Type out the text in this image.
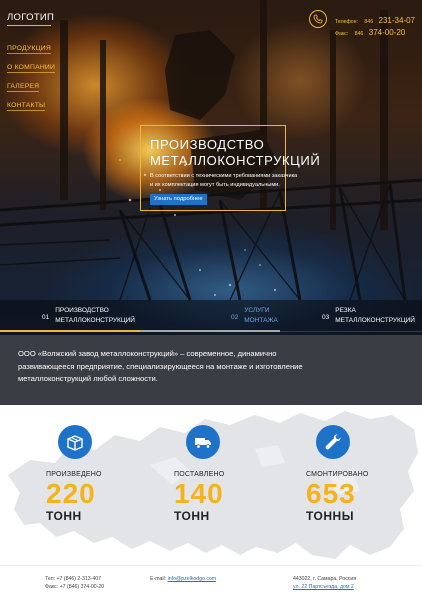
ЛОГОТИП
ПРОДУКЦИЯ
О КОМПАНИИ
ГАЛЕРЕЯ
КОНТАКТЫ
Телефон: 846 231-34-07
Факс: 846 374-00-20
ПРОИЗВОДСТВО
МЕТАЛЛОКОНСТРУКЦИЙ
В соответствии с техническими требованиями заказчика
и их комплектация могут быть индивидуальными.
Узнать подробнее
01ПРОИЗВОДСТВО
МЕТАЛЛОКОНСТРУКЦИЙ	02УСЛУГИ
МОНТАЖА	03РЕЗКА
МЕТАЛЛОКОНСТРУКЦИЙ

ООО «Волжский завод металлоконструкций» – современное, динамично развивающееся предприятие, специализирующееся на монтаже и изготовление металлоконструкций любой сложности.

ПРОИЗВЕДЕНО
220
ТОНН
ПОСТАВЛЕНО
140
ТОНН
СМОНТИРОВАНО
653
ТОННЫ
Тел: +7 (846) 2-313-407
Факс: +7 (846) 374-00-20
E-mail: info@pzelkodgo.com	443022, г. Самара, Россия
ул. 22 Партсъезда, дом 2
